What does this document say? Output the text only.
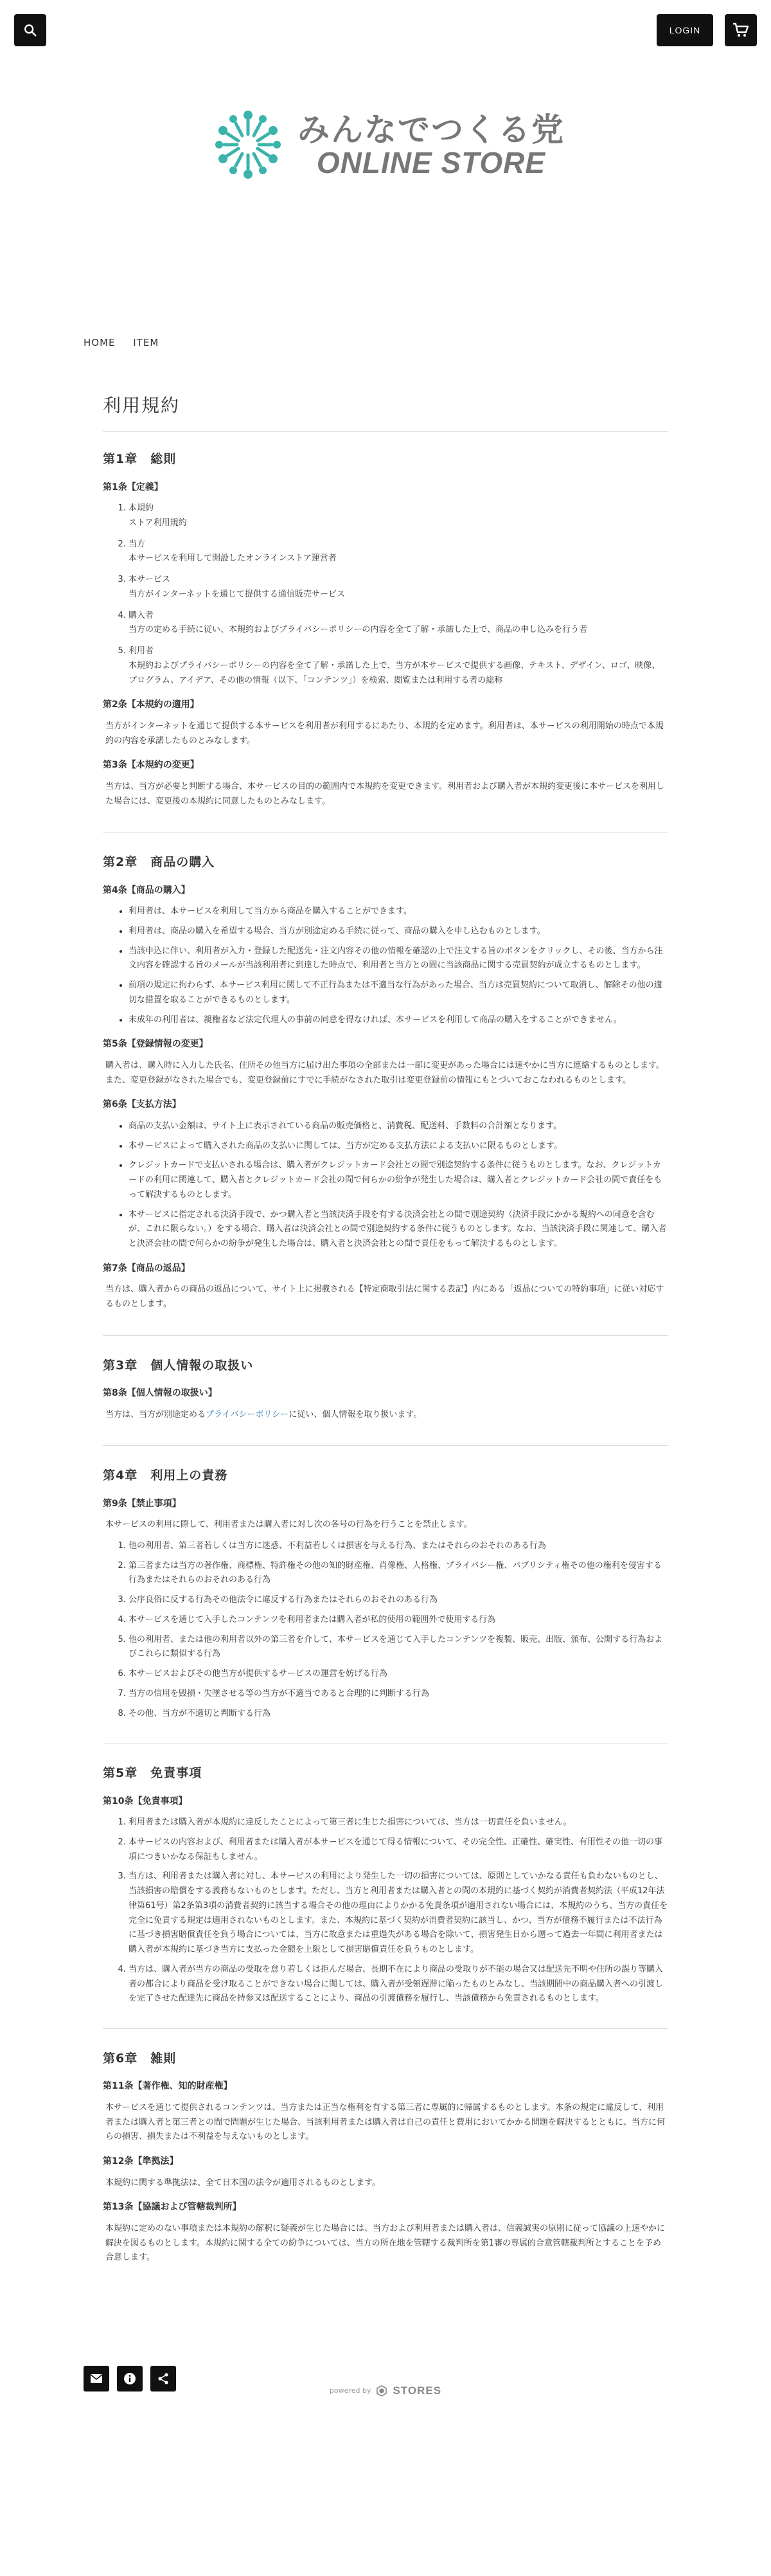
LOGIN
みんなでつくる党
ONLINE STORE
HOME ITEM
利用規約
第1章　総則
第1条【定義】
1. 本規約
ストア利用規約
2. 当方
本サービスを利用して開設したオンラインストア運営者
3. 本サービス
当方がインターネットを通じて提供する通信販売サービス
4. 購入者
当方の定める手続に従い、本規約およびプライバシーポリシーの内容を全て了解・承諾した上で、商品の申し込みを行う者
5. 利用者
本規約およびプライバシーポリシーの内容を全て了解・承諾した上で、当方が本サービスで提供する画像、テキスト、デザイン、ロゴ、映像、プログラム、アイデア、その他の情報（以下、「コンテンツ」）を検索、閲覧または利用する者の総称
第2条【本規約の適用】

当方がインターネットを通じて提供する本サービスを利用者が利用するにあたり、本規約を定めます。利用者は、本サービスの利用開始の時点で本規約の内容を承諾したものとみなします。

第3条【本規約の変更】

当方は、当方が必要と判断する場合、本サービスの目的の範囲内で本規約を変更できます。利用者および購入者が本規約変更後に本サービスを利用した場合には、変更後の本規約に同意したものとみなします。

第2章　商品の購入
第4条【商品の購入】
• 利用者は、本サービスを利用して当方から商品を購入することができます。
• 利用者は、商品の購入を希望する場合、当方が別途定める手続に従って、商品の購入を申し込むものとします。
• 当該申込に伴い、利用者が入力・登録した配送先・注文内容その他の情報を確認の上で注文する旨のボタンをクリックし、その後、当方から注文内容を確認する旨のメールが当該利用者に到達した時点で、利用者と当方との間に当該商品に関する売買契約が成立するものとします。
• 前項の規定に拘わらず、本サービス利用に関して不正行為または不適当な行為があった場合、当方は売買契約について取消し、解除その他の適切な措置を取ることができるものとします。
• 未成年の利用者は、親権者など法定代理人の事前の同意を得なければ、本サービスを利用して商品の購入をすることができません。
第5条【登録情報の変更】

購入者は、購入時に入力した氏名、住所その他当方に届け出た事項の全部または一部に変更があった場合には速やかに当方に連絡するものとします。また、変更登録がなされた場合でも、変更登録前にすでに手続がなされた取引は変更登録前の情報にもとづいておこなわれるものとします。

第6条【支払方法】
• 商品の支払い金額は、サイト上に表示されている商品の販売価格と、消費税、配送料、手数料の合計額となります。
• 本サービスによって購入された商品の支払いに関しては、当方が定める支払方法による支払いに限るものとします。
• クレジットカードで支払いされる場合は、購入者がクレジットカード会社との間で別途契約する条件に従うものとします。なお、クレジットカードの利用に関連して、購入者とクレジットカード会社の間で何らかの紛争が発生した場合は、購入者とクレジットカード会社の間で責任をもって解決するものとします。
• 本サービスに指定される決済手段で、かつ購入者と当該決済手段を有する決済会社との間で別途契約（決済手段にかかる規約への同意を含むが、これに限らない。）をする場合、購入者は決済会社との間で別途契約する条件に従うものとします。なお、当該決済手段に関連して、購入者と決済会社の間で何らかの紛争が発生した場合は、購入者と決済会社との間で責任をもって解決するものとします。
第7条【商品の返品】

当方は、購入者からの商品の返品について、サイト上に掲載される【特定商取引法に関する表記】内にある「返品についての特約事項」に従い対応するものとします。

第3章　個人情報の取扱い
第8条【個人情報の取扱い】

当方は、当方が別途定めるプライバシーポリシーに従い、個人情報を取り扱います。

第4章　利用上の責務
第9条【禁止事項】

本サービスの利用に際して、利用者または購入者に対し次の各号の行為を行うことを禁止します。

1. 他の利用者、第三者若しくは当方に迷惑、不利益若しくは損害を与える行為、またはそれらのおそれのある行為
2. 第三者または当方の著作権、商標権、特許権その他の知的財産権、肖像権、人格権、プライバシー権、パブリシティ権その他の権利を侵害する行為またはそれらのおそれのある行為
3. 公序良俗に反する行為その他法令に違反する行為またはそれらのおそれのある行為
4. 本サービスを通じて入手したコンテンツを利用者または購入者が私的使用の範囲外で使用する行為
5. 他の利用者、または他の利用者以外の第三者を介して、本サービスを通じて入手したコンテンツを複製、販売、出版、頒布、公開する行為およびこれらに類似する行為
6. 本サービスおよびその他当方が提供するサービスの運営を妨げる行為
7. 当方の信用を毀損・失墜させる等の当方が不適当であると合理的に判断する行為
8. その他、当方が不適切と判断する行為
第5章　免責事項
第10条【免責事項】
1. 利用者または購入者が本規約に違反したことによって第三者に生じた損害については、当方は一切責任を負いません。
2. 本サービスの内容および、利用者または購入者が本サービスを通じて得る情報について、その完全性、正確性、確実性、有用性その他一切の事項につきいかなる保証もしません。
3. 当方は、利用者または購入者に対し、本サービスの利用により発生した一切の損害については、原則としていかなる責任も負わないものとし、当該損害の賠償をする義務もないものとします。ただし、当方と利用者または購入者との間の本規約に基づく契約が消費者契約法（平成12年法律第61号）第2条第3項の消費者契約に該当する場合その他の理由によりかかる免責条項が適用されない場合には、本規約のうち、当方の責任を完全に免責する規定は適用されないものとします。また、本規約に基づく契約が消費者契約に該当し、かつ、当方が債務不履行または不法行為に基づき損害賠償責任を負う場合については、当方に故意または重過失がある場合を除いて、損害発生日から遡って過去一年間に利用者または購入者が本規約に基づき当方に支払った金額を上限として損害賠償責任を負うものとします。
4. 当方は、購入者が当方の商品の受取を怠り若しくは拒んだ場合、長期不在により商品の受取りが不能の場合又は配送先不明や住所の誤り等購入者の都合により商品を受け取ることができない場合に関しては、購入者が受領遅滞に陥ったものとみなし、当該期間中の商品購入者への引渡しを完了させた配達先に商品を持参又は配送することにより、商品の引渡債務を履行し、当該債務から免責されるものとします。
第6章　雑則
第11条【著作権、知的財産権】

本サービスを通じて提供されるコンテンツは、当方または正当な権利を有する第三者に専属的に帰属するものとします。本条の規定に違反して、利用者または購入者と第三者との間で問題が生じた場合、当該利用者または購入者は自己の責任と費用においてかかる問題を解決するとともに、当方に何らの損害、損失または不利益を与えないものとします。

第12条【準拠法】

本規約に関する準拠法は、全て日本国の法令が適用されるものとします。

第13条【協議および管轄裁判所】

本規約に定めのない事項または本規約の解釈に疑義が生じた場合には、当方および利用者または購入者は、信義誠実の原則に従って協議の上速やかに解決を図るものとします。本規約に関する全ての紛争については、当方の所在地を管轄する裁判所を第1審の専属的合意管轄裁判所とすることを予め合意します。

powered by STORES
